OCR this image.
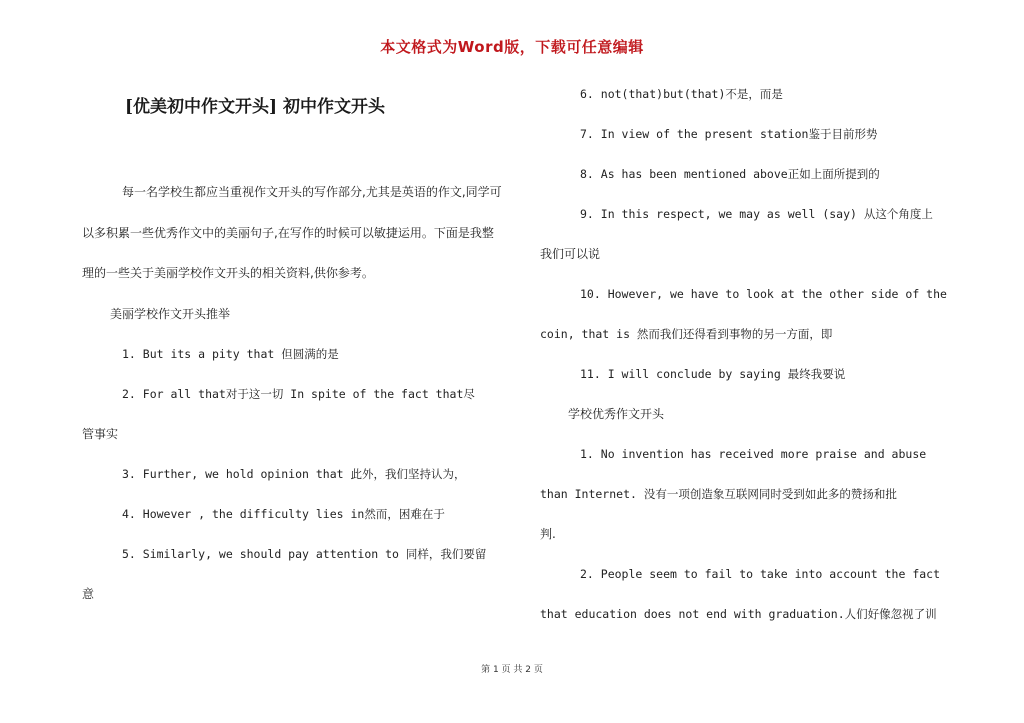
本文格式为Word版，下载可任意编辑
[优美初中作文开头] 初中作文开头

每一名学校生都应当重视作文开头的写作部分,尤其是英语的作文,同学可以多积累一些优秀作文中的美丽句子,在写作的时候可以敏捷运用。下面是我整理的一些关于美丽学校作文开头的相关资料,供你参考。

美丽学校作文开头推举

1. But its a pity that 但圆满的是

2. For all that对于这一切 In spite of the fact that尽

管事实

3. Further, we hold opinion that 此外，我们坚持认为，

4. However , the difficulty lies in然而，困难在于

5. Similarly, we should pay attention to 同样，我们要留

意

6. not(that)but(that)不是，而是

7. In view of the present station鉴于目前形势

8. As has been mentioned above正如上面所提到的

9. In this respect, we may as well (say) 从这个角度上

我们可以说

10. However, we have to look at the other side of the

coin, that is 然而我们还得看到事物的另一方面，即

11. I will conclude by saying 最终我要说

学校优秀作文开头

1. No invention has received more praise and abuse

than Internet. 没有一项创造象互联网同时受到如此多的赞扬和批

判.

2. People seem to fail to take into account the fact

that education does not end with graduation.人们好像忽视了训

第 1 页 共 2 页
